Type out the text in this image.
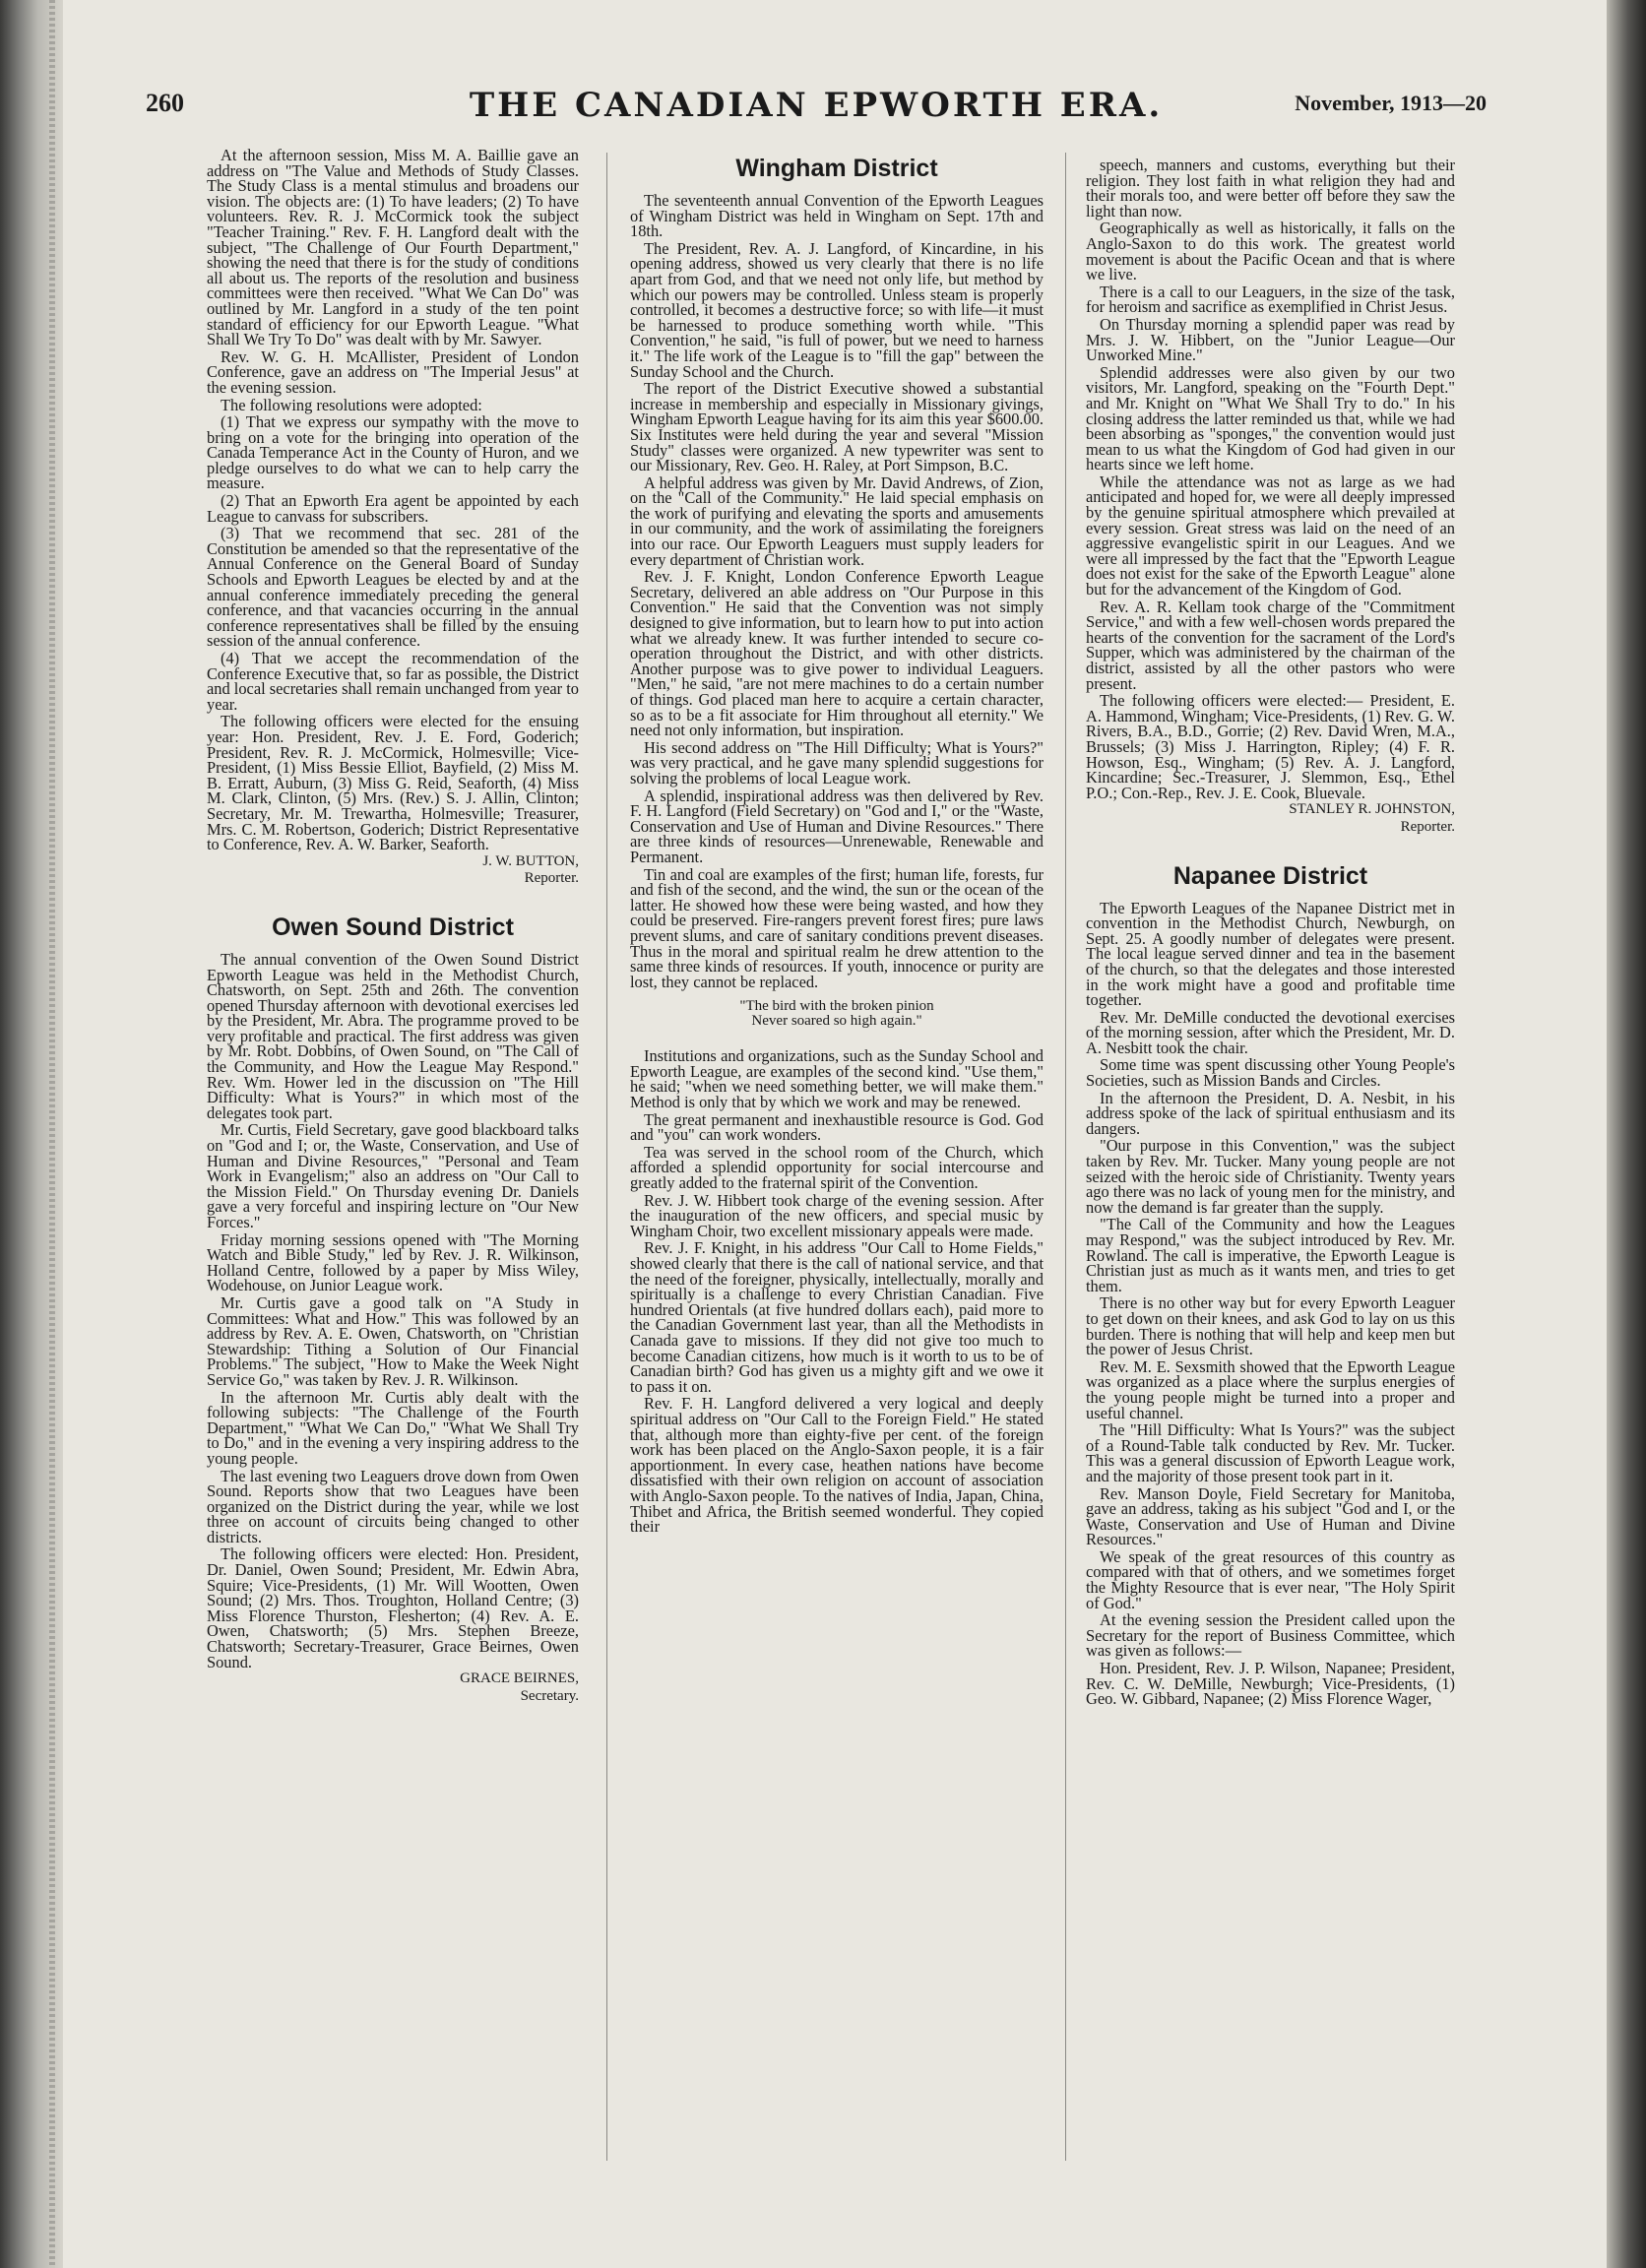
260	THE CANADIAN EPWORTH ERA.	November, 1913—20

At the afternoon session, Miss M. A. Baillie gave an address on "The Value and Methods of Study Classes. The Study Class is a mental stimulus and broadens our vision. The objects are: (1) To have leaders; (2) To have volunteers. Rev. R. J. McCormick took the subject "Teacher Training." Rev. F. H. Langford dealt with the subject, "The Challenge of Our Fourth Department," showing the need that there is for the study of conditions all about us. The reports of the resolution and business committees were then received. "What We Can Do" was outlined by Mr. Langford in a study of the ten point standard of efficiency for our Epworth League. "What Shall We Try To Do" was dealt with by Mr. Sawyer.

Rev. W. G. H. McAllister, President of London Conference, gave an address on "The Imperial Jesus" at the evening session.

The following resolutions were adopted:

(1) That we express our sympathy with the move to bring on a vote for the bringing into operation of the Canada Temperance Act in the County of Huron, and we pledge ourselves to do what we can to help carry the measure.

(2) That an Epworth Era agent be appointed by each League to canvass for subscribers.

(3) That we recommend that sec. 281 of the Constitution be amended so that the representative of the Annual Conference on the General Board of Sunday Schools and Epworth Leagues be elected by and at the annual conference immediately preceding the general conference, and that vacancies occurring in the annual conference representatives shall be filled by the ensuing session of the annual conference.

(4) That we accept the recommendation of the Conference Executive that, so far as possible, the District and local secretaries shall remain unchanged from year to year.

The following officers were elected for the ensuing year: Hon. President, Rev. J. E. Ford, Goderich; President, Rev. R. J. McCormick, Holmesville; Vice-President, (1) Miss Bessie Elliot, Bayfield, (2) Miss M. B. Erratt, Auburn, (3) Miss G. Reid, Seaforth, (4) Miss M. Clark, Clinton, (5) Mrs. (Rev.) S. J. Allin, Clinton; Secretary, Mr. M. Trewartha, Holmesville; Treasurer, Mrs. C. M. Robertson, Goderich; District Representative to Conference, Rev. A. W. Barker, Seaforth.

J. W. BUTTON,

Reporter.

Owen Sound District

The annual convention of the Owen Sound District Epworth League was held in the Methodist Church, Chatsworth, on Sept. 25th and 26th. The convention opened Thursday afternoon with devotional exercises led by the President, Mr. Abra. The programme proved to be very profitable and practical. The first address was given by Mr. Robt. Dobbins, of Owen Sound, on "The Call of the Community, and How the League May Respond." Rev. Wm. Hower led in the discussion on "The Hill Difficulty: What is Yours?" in which most of the delegates took part.

Mr. Curtis, Field Secretary, gave good blackboard talks on "God and I; or, the Waste, Conservation, and Use of Human and Divine Resources," "Personal and Team Work in Evangelism;" also an address on "Our Call to the Mission Field." On Thursday evening Dr. Daniels gave a very forceful and inspiring lecture on "Our New Forces."

Friday morning sessions opened with "The Morning Watch and Bible Study," led by Rev. J. R. Wilkinson, Holland Centre, followed by a paper by Miss Wiley, Wodehouse, on Junior League work.

Mr. Curtis gave a good talk on "A Study in Committees: What and How." This was followed by an address by Rev. A. E. Owen, Chatsworth, on "Christian Stewardship: Tithing a Solution of Our Financial Problems." The subject, "How to Make the Week Night Service Go," was taken by Rev. J. R. Wilkinson.

In the afternoon Mr. Curtis ably dealt with the following subjects: "The Challenge of the Fourth Department," "What We Can Do," "What We Shall Try to Do," and in the evening a very inspiring address to the young people.

The last evening two Leaguers drove down from Owen Sound. Reports show that two Leagues have been organized on the District during the year, while we lost three on account of circuits being changed to other districts.

The following officers were elected: Hon. President, Dr. Daniel, Owen Sound; President, Mr. Edwin Abra, Squire; Vice-Presidents, (1) Mr. Will Wootten, Owen Sound; (2) Mrs. Thos. Troughton, Holland Centre; (3) Miss Florence Thurston, Flesherton; (4) Rev. A. E. Owen, Chatsworth; (5) Mrs. Stephen Breeze, Chatsworth; Secretary-Treasurer, Grace Beirnes, Owen Sound.

GRACE BEIRNES,

Secretary.

Wingham District

The seventeenth annual Convention of the Epworth Leagues of Wingham District was held in Wingham on Sept. 17th and 18th.

The President, Rev. A. J. Langford, of Kincardine, in his opening address, showed us very clearly that there is no life apart from God, and that we need not only life, but method by which our powers may be controlled. Unless steam is properly controlled, it becomes a destructive force; so with life—it must be harnessed to produce something worth while. "This Convention," he said, "is full of power, but we need to harness it." The life work of the League is to "fill the gap" between the Sunday School and the Church.

The report of the District Executive showed a substantial increase in membership and especially in Missionary givings, Wingham Epworth League having for its aim this year $600.00. Six Institutes were held during the year and several "Mission Study" classes were organized. A new typewriter was sent to our Missionary, Rev. Geo. H. Raley, at Port Simpson, B.C.

A helpful address was given by Mr. David Andrews, of Zion, on the "Call of the Community." He laid special emphasis on the work of purifying and elevating the sports and amusements in our community, and the work of assimilating the foreigners into our race. Our Epworth Leaguers must supply leaders for every department of Christian work.

Rev. J. F. Knight, London Conference Epworth League Secretary, delivered an able address on "Our Purpose in this Convention." He said that the Convention was not simply designed to give information, but to learn how to put into action what we already knew. It was further intended to secure co-operation throughout the District, and with other districts. Another purpose was to give power to individual Leaguers. "Men," he said, "are not mere machines to do a certain number of things. God placed man here to acquire a certain character, so as to be a fit associate for Him throughout all eternity." We need not only information, but inspiration.

His second address on "The Hill Difficulty; What is Yours?" was very practical, and he gave many splendid suggestions for solving the problems of local League work.

A splendid, inspirational address was then delivered by Rev. F. H. Langford (Field Secretary) on "God and I," or the "Waste, Conservation and Use of Human and Divine Resources." There are three kinds of resources—Unrenewable, Renewable and Permanent.

Tin and coal are examples of the first; human life, forests, fur and fish of the second, and the wind, the sun or the ocean of the latter. He showed how these were being wasted, and how they could be preserved. Fire-rangers prevent forest fires; pure laws prevent slums, and care of sanitary conditions prevent diseases. Thus in the moral and spiritual realm he drew attention to the same three kinds of resources. If youth, innocence or purity are lost, they cannot be replaced.

"The bird with the broken pinion

Never soared so high again."

Institutions and organizations, such as the Sunday School and Epworth League, are examples of the second kind. "Use them," he said; "when we need something better, we will make them." Method is only that by which we work and may be renewed.

The great permanent and inexhaustible resource is God. God and "you" can work wonders.

Tea was served in the school room of the Church, which afforded a splendid opportunity for social intercourse and greatly added to the fraternal spirit of the Convention.

Rev. J. W. Hibbert took charge of the evening session. After the inauguration of the new officers, and special music by Wingham Choir, two excellent missionary appeals were made.

Rev. J. F. Knight, in his address "Our Call to Home Fields," showed clearly that there is the call of national service, and that the need of the foreigner, physically, intellectually, morally and spiritually is a challenge to every Christian Canadian. Five hundred Orientals (at five hundred dollars each), paid more to the Canadian Government last year, than all the Methodists in Canada gave to missions. If they did not give too much to become Canadian citizens, how much is it worth to us to be of Canadian birth? God has given us a mighty gift and we owe it to pass it on.

Rev. F. H. Langford delivered a very logical and deeply spiritual address on "Our Call to the Foreign Field." He stated that, although more than eighty-five per cent. of the foreign work has been placed on the Anglo-Saxon people, it is a fair apportionment. In every case, heathen nations have become dissatisfied with their own religion on account of association with Anglo-Saxon people. To the natives of India, Japan, China, Thibet and Africa, the British seemed wonderful. They copied their

speech, manners and customs, everything but their religion. They lost faith in what religion they had and their morals too, and were better off before they saw the light than now.

Geographically as well as historically, it falls on the Anglo-Saxon to do this work. The greatest world movement is about the Pacific Ocean and that is where we live.

There is a call to our Leaguers, in the size of the task, for heroism and sacrifice as exemplified in Christ Jesus.

On Thursday morning a splendid paper was read by Mrs. J. W. Hibbert, on the "Junior League—Our Unworked Mine."

Splendid addresses were also given by our two visitors, Mr. Langford, speaking on the "Fourth Dept." and Mr. Knight on "What We Shall Try to do." In his closing address the latter reminded us that, while we had been absorbing as "sponges," the convention would just mean to us what the Kingdom of God had given in our hearts since we left home.

While the attendance was not as large as we had anticipated and hoped for, we were all deeply impressed by the genuine spiritual atmosphere which prevailed at every session. Great stress was laid on the need of an aggressive evangelistic spirit in our Leagues. And we were all impressed by the fact that the "Epworth League does not exist for the sake of the Epworth League" alone but for the advancement of the Kingdom of God.

Rev. A. R. Kellam took charge of the "Commitment Service," and with a few well-chosen words prepared the hearts of the convention for the sacrament of the Lord's Supper, which was administered by the chairman of the district, assisted by all the other pastors who were present.

The following officers were elected:— President, E. A. Hammond, Wingham; Vice-Presidents, (1) Rev. G. W. Rivers, B.A., B.D., Gorrie; (2) Rev. David Wren, M.A., Brussels; (3) Miss J. Harrington, Ripley; (4) F. R. Howson, Esq., Wingham; (5) Rev. A. J. Langford, Kincardine; Sec.-Treasurer, J. Slemmon, Esq., Ethel P.O.; Con.-Rep., Rev. J. E. Cook, Bluevale.

STANLEY R. JOHNSTON,

Reporter.

Napanee District

The Epworth Leagues of the Napanee District met in convention in the Methodist Church, Newburgh, on Sept. 25. A goodly number of delegates were present. The local league served dinner and tea in the basement of the church, so that the delegates and those interested in the work might have a good and profitable time together.

Rev. Mr. DeMille conducted the devotional exercises of the morning session, after which the President, Mr. D. A. Nesbitt took the chair.

Some time was spent discussing other Young People's Societies, such as Mission Bands and Circles.

In the afternoon the President, D. A. Nesbit, in his address spoke of the lack of spiritual enthusiasm and its dangers.

"Our purpose in this Convention," was the subject taken by Rev. Mr. Tucker. Many young people are not seized with the heroic side of Christianity. Twenty years ago there was no lack of young men for the ministry, and now the demand is far greater than the supply.

"The Call of the Community and how the Leagues may Respond," was the subject introduced by Rev. Mr. Rowland. The call is imperative, the Epworth League is Christian just as much as it wants men, and tries to get them.

There is no other way but for every Epworth Leaguer to get down on their knees, and ask God to lay on us this burden. There is nothing that will help and keep men but the power of Jesus Christ.

Rev. M. E. Sexsmith showed that the Epworth League was organized as a place where the surplus energies of the young people might be turned into a proper and useful channel.

The "Hill Difficulty: What Is Yours?" was the subject of a Round-Table talk conducted by Rev. Mr. Tucker. This was a general discussion of Epworth League work, and the majority of those present took part in it.

Rev. Manson Doyle, Field Secretary for Manitoba, gave an address, taking as his subject "God and I, or the Waste, Conservation and Use of Human and Divine Resources."

We speak of the great resources of this country as compared with that of others, and we sometimes forget the Mighty Resource that is ever near, "The Holy Spirit of God."

At the evening session the President called upon the Secretary for the report of Business Committee, which was given as follows:—

Hon. President, Rev. J. P. Wilson, Napanee; President, Rev. C. W. DeMille, Newburgh; Vice-Presidents, (1) Geo. W. Gibbard, Napanee; (2) Miss Florence Wager,
